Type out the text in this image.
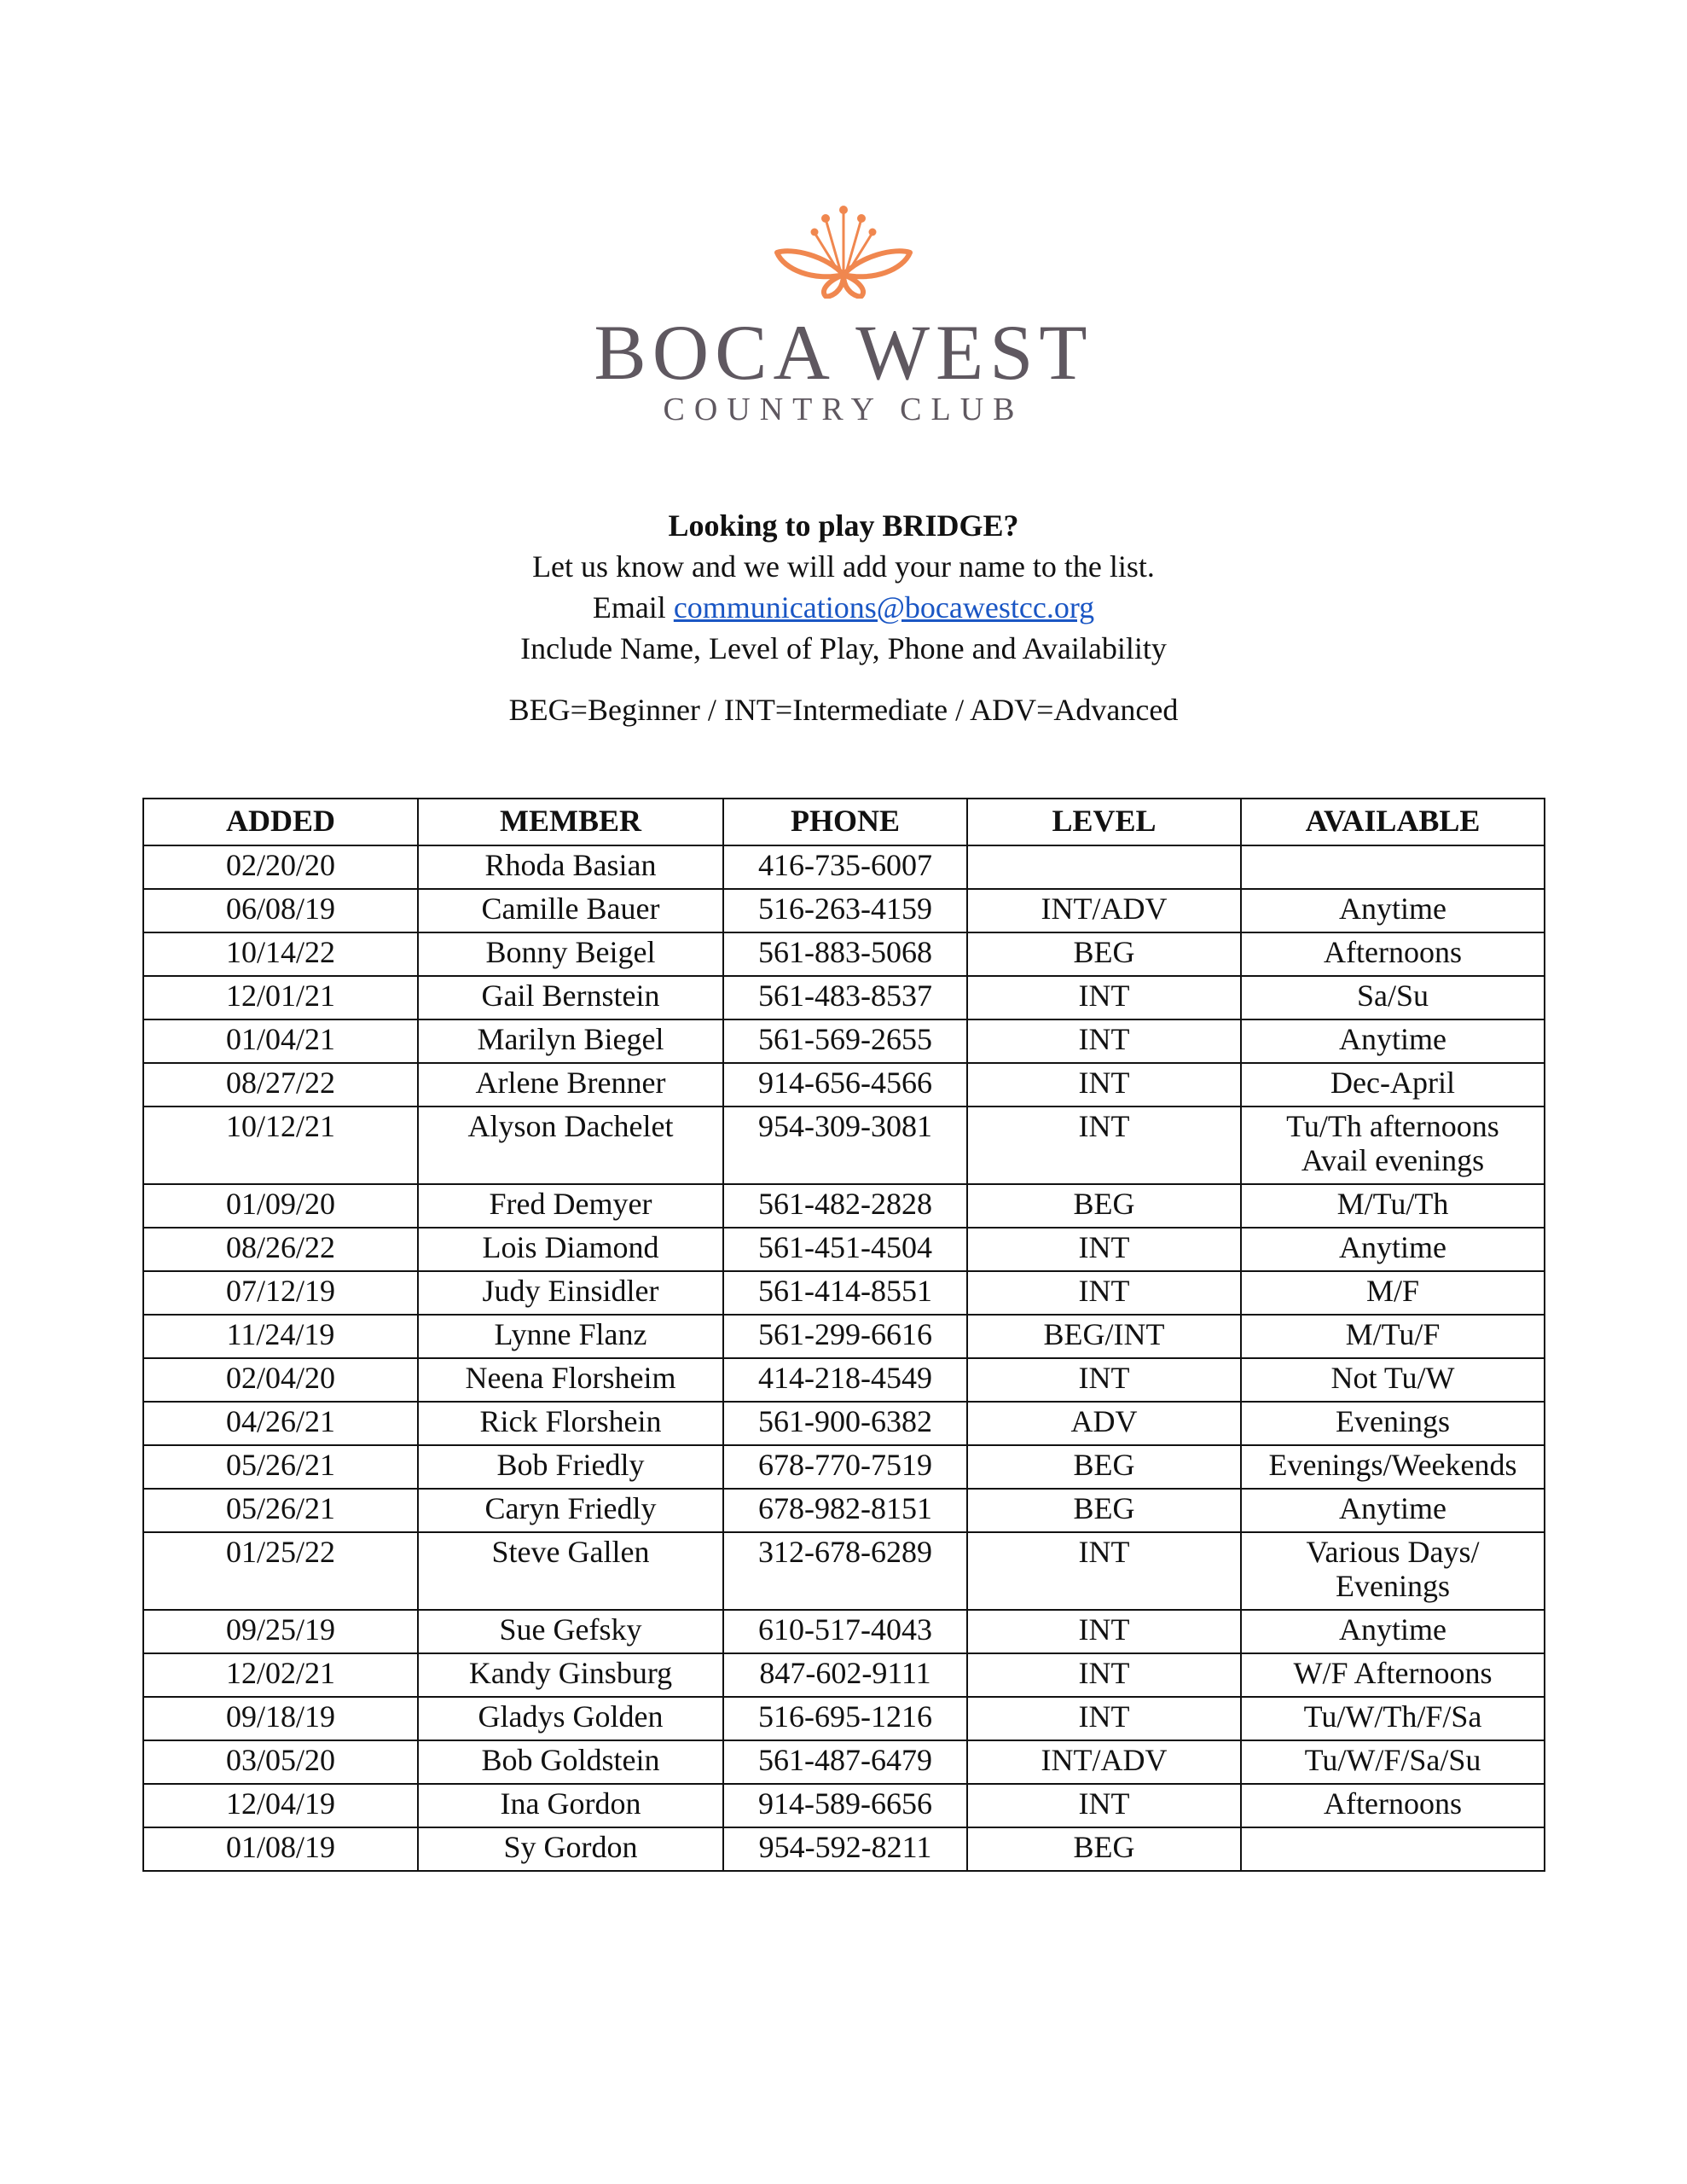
BOCA WEST
COUNTRY CLUB
Looking to play BRIDGE?
Let us know and we will add your name to the list.
Email communications@bocawestcc.org
Include Name, Level of Play, Phone and Availability
BEG=Beginner / INT=Intermediate / ADV=Advanced
ADDED	MEMBER	PHONE	LEVEL	AVAILABLE
02/20/20	Rhoda Basian	416-735-6007		
06/08/19	Camille Bauer	516-263-4159	INT/ADV	Anytime
10/14/22	Bonny Beigel	561-883-5068	BEG	Afternoons
12/01/21	Gail Bernstein	561-483-8537	INT	Sa/Su
01/04/21	Marilyn Biegel	561-569-2655	INT	Anytime
08/27/22	Arlene Brenner	914-656-4566	INT	Dec-April
10/12/21	Alyson Dachelet	954-309-3081	INT	Tu/Th afternoons
Avail evenings

01/09/20	Fred Demyer	561-482-2828	BEG	M/Tu/Th
08/26/22	Lois Diamond	561-451-4504	INT	Anytime
07/12/19	Judy Einsidler	561-414-8551	INT	M/F
11/24/19	Lynne Flanz	561-299-6616	BEG/INT	M/Tu/F
02/04/20	Neena Florsheim	414-218-4549	INT	Not Tu/W
04/26/21	Rick Florshein	561-900-6382	ADV	Evenings
05/26/21	Bob Friedly	678-770-7519	BEG	Evenings/Weekends
05/26/21	Caryn Friedly	678-982-8151	BEG	Anytime
01/25/22	Steve Gallen	312-678-6289	INT	Various Days/
Evenings

09/25/19	Sue Gefsky	610-517-4043	INT	Anytime
12/02/21	Kandy Ginsburg	847-602-9111	INT	W/F Afternoons
09/18/19	Gladys Golden	516-695-1216	INT	Tu/W/Th/F/Sa
03/05/20	Bob Goldstein	561-487-6479	INT/ADV	Tu/W/F/Sa/Su
12/04/19	Ina Gordon	914-589-6656	INT	Afternoons
01/08/19	Sy Gordon	954-592-8211	BEG	
